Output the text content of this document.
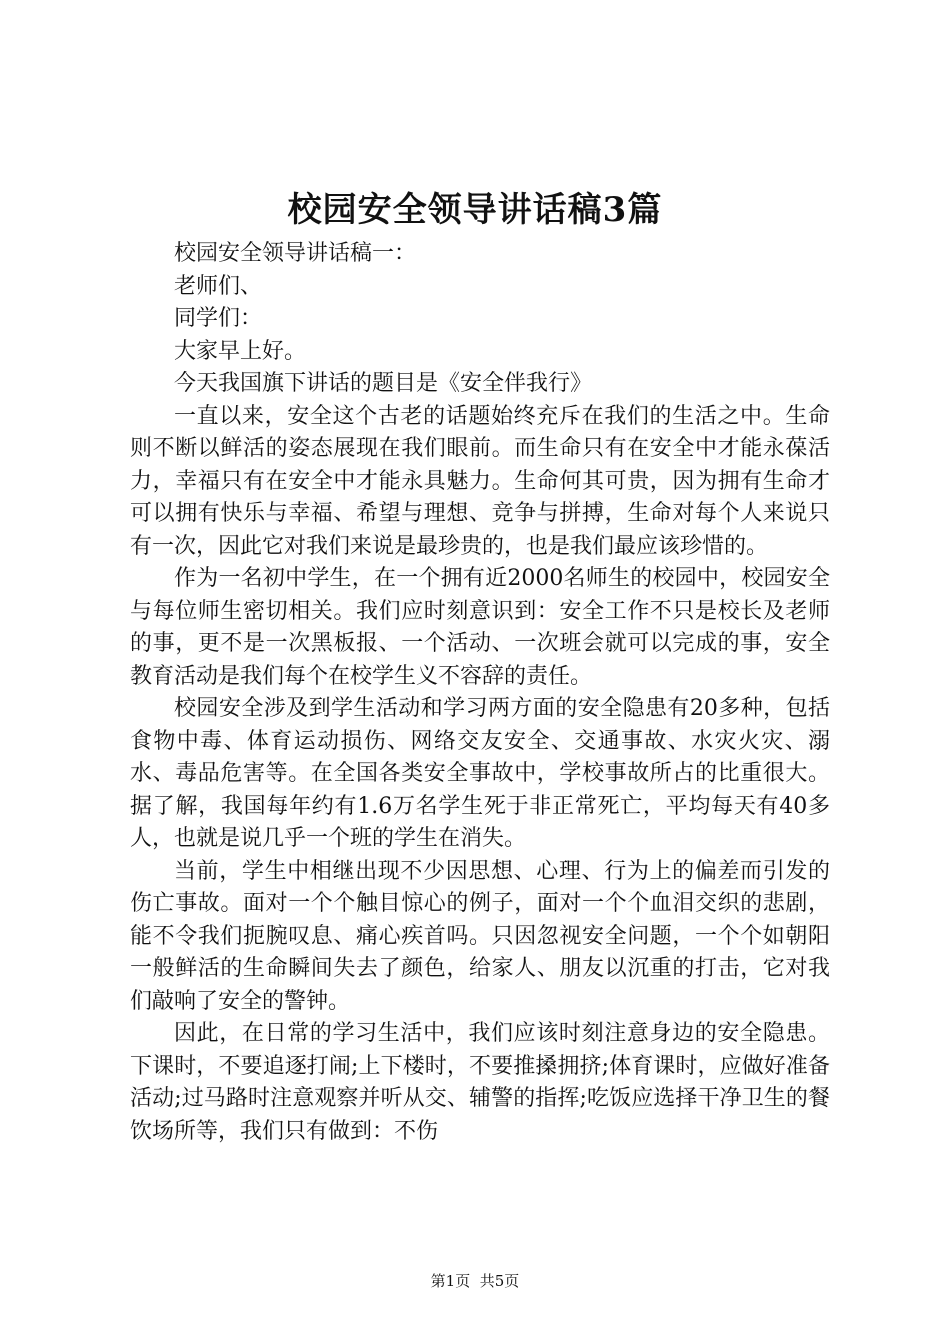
校园安全领导讲话稿3篇

校园安全领导讲话稿一：

老师们、

同学们：

大家早上好。

今天我国旗下讲话的题目是《安全伴我行》

一直以来，安全这个古老的话题始终充斥在我们的生活之中。生命则不断以鲜活的姿态展现在我们眼前。而生命只有在安全中才能永葆活力，幸福只有在安全中才能永具魅力。生命何其可贵，因为拥有生命才可以拥有快乐与幸福、希望与理想、竞争与拼搏，生命对每个人来说只有一次，因此它对我们来说是最珍贵的，也是我们最应该珍惜的。

作为一名初中学生，在一个拥有近2000名师生的校园中，校园安全与每位师生密切相关。我们应时刻意识到：安全工作不只是校长及老师的事，更不是一次黑板报、一个活动、一次班会就可以完成的事，安全教育活动是我们每个在校学生义不容辞的责任。

校园安全涉及到学生活动和学习两方面的安全隐患有20多种，包括食物中毒、体育运动损伤、网络交友安全、交通事故、水灾火灾、溺水、毒品危害等。在全国各类安全事故中，学校事故所占的比重很大。据了解，我国每年约有1.6万名学生死于非正常死亡，平均每天有40多人，也就是说几乎一个班的学生在消失。

当前，学生中相继出现不少因思想、心理、行为上的偏差而引发的伤亡事故。面对一个个触目惊心的例子，面对一个个血泪交织的悲剧，能不令我们扼腕叹息、痛心疾首吗。只因忽视安全问题，一个个如朝阳一般鲜活的生命瞬间失去了颜色，给家人、朋友以沉重的打击，它对我们敲响了安全的警钟。

因此，在日常的学习生活中，我们应该时刻注意身边的安全隐患。下课时，不要追逐打闹;上下楼时，不要推搡拥挤;体育课时，应做好准备活动;过马路时注意观察并听从交、辅警的指挥;吃饭应选择干净卫生的餐饮场所等，我们只有做到：不伤

第1页 共5页
